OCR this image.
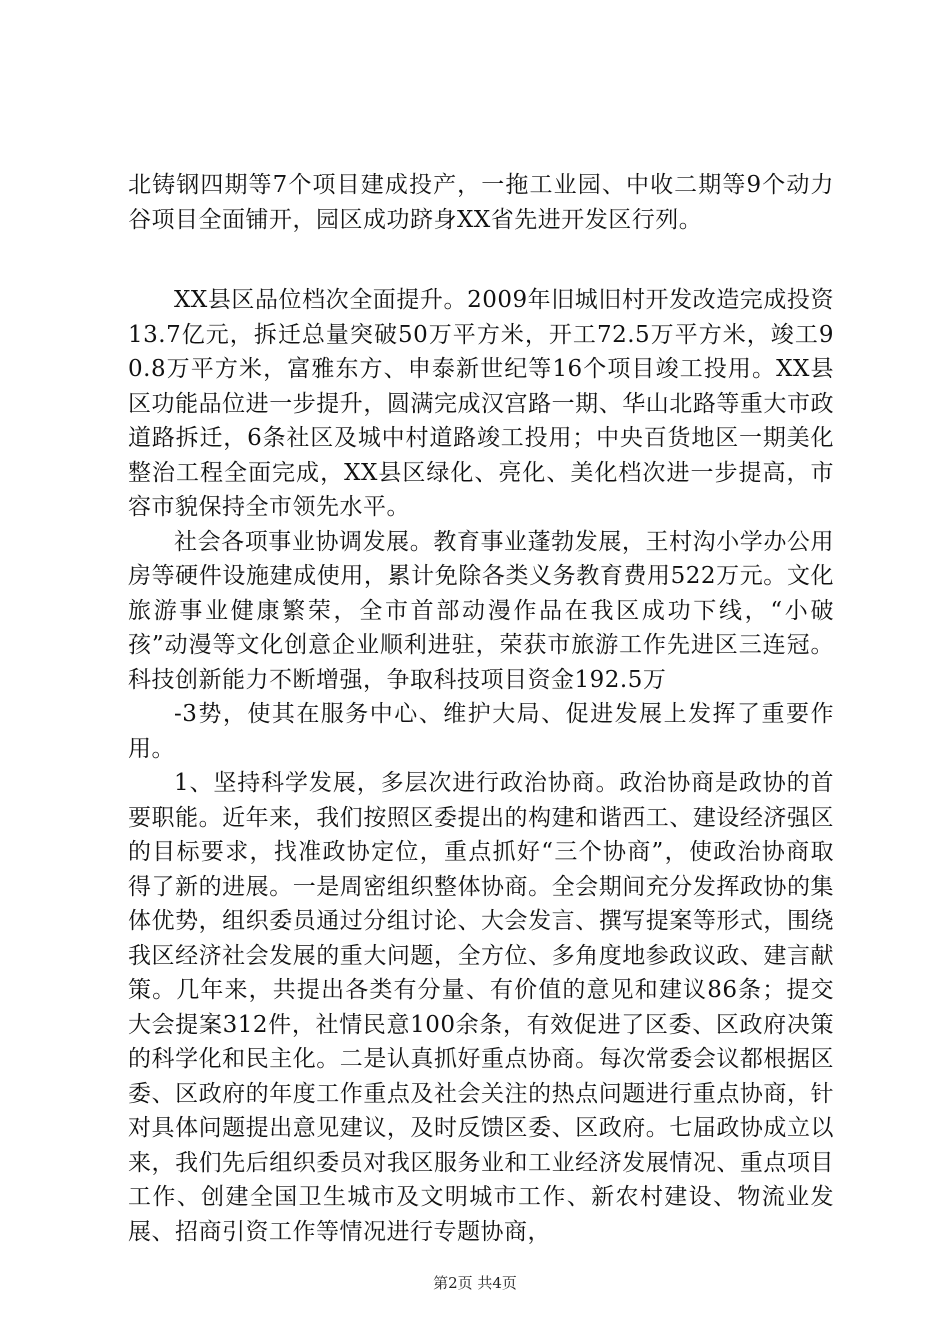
北铸钢四期等7个项目建成投产，一拖工业园、中收二期等9个动力谷项目全面铺开，园区成功跻身XX省先进开发区行列。

XX县区品位档次全面提升。2009年旧城旧村开发改造完成投资13.7亿元，拆迁总量突破50万平方米，开工72.5万平方米，竣工90.8万平方米，富雅东方、申泰新世纪等16个项目竣工投用。XX县区功能品位进一步提升，圆满完成汉宫路一期、华山北路等重大市政道路拆迁，6条社区及城中村道路竣工投用；中央百货地区一期美化整治工程全面完成，XX县区绿化、亮化、美化档次进一步提高，市容市貌保持全市领先水平。

社会各项事业协调发展。教育事业蓬勃发展，王村沟小学办公用房等硬件设施建成使用，累计免除各类义务教育费用522万元。文化旅游事业健康繁荣，全市首部动漫作品在我区成功下线，“小破孩”动漫等文化创意企业顺利进驻，荣获市旅游工作先进区三连冠。科技创新能力不断增强，争取科技项目资金192.5万

-3势，使其在服务中心、维护大局、促进发展上发挥了重要作用。

1、坚持科学发展，多层次进行政治协商。政治协商是政协的首要职能。近年来，我们按照区委提出的构建和谐西工、建设经济强区的目标要求，找准政协定位，重点抓好“三个协商”，使政治协商取得了新的进展。一是周密组织整体协商。全会期间充分发挥政协的集体优势，组织委员通过分组讨论、大会发言、撰写提案等形式，围绕我区经济社会发展的重大问题，全方位、多角度地参政议政、建言献策。几年来，共提出各类有分量、有价值的意见和建议86条；提交大会提案312件，社情民意100余条，有效促进了区委、区政府决策的科学化和民主化。二是认真抓好重点协商。每次常委会议都根据区委、区政府的年度工作重点及社会关注的热点问题进行重点协商，针对具体问题提出意见建议，及时反馈区委、区政府。七届政协成立以来，我们先后组织委员对我区服务业和工业经济发展情况、重点项目工作、创建全国卫生城市及文明城市工作、新农村建设、物流业发展、招商引资工作等情况进行专题协商，

第2页 共4页
